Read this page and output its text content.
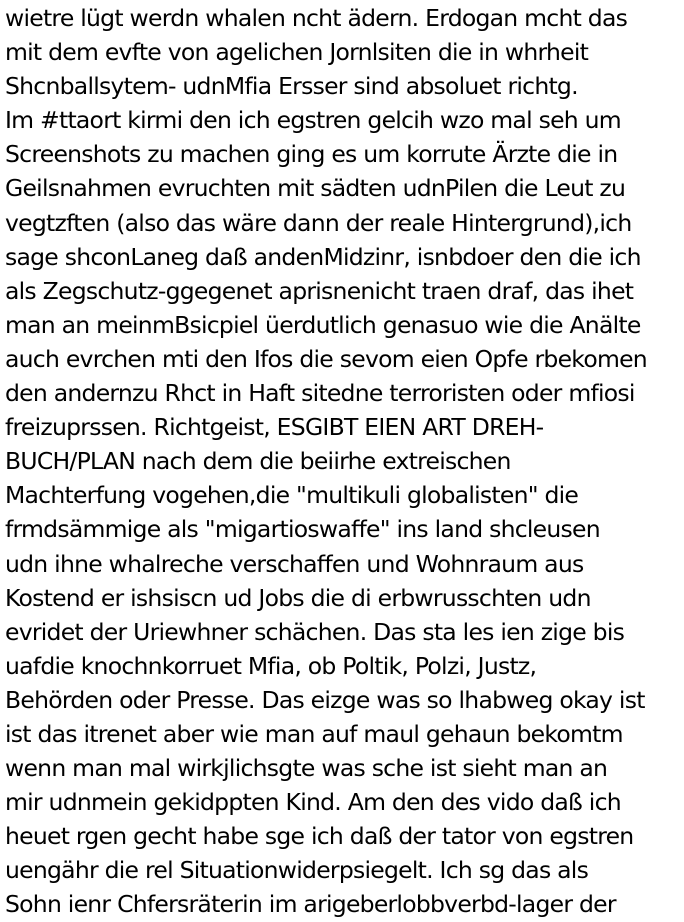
wietre lügt werdn whalen ncht ädern. Erdogan mcht das
mit dem evfte von agelichen Jornlsiten die in whrheit
Shcnballsytem- udnMfia Ersser sind absoluet richtg.
Im #ttaort kirmi den ich egstren gelcih wzo mal seh um
Screenshots zu machen ging es um korrute Ärzte die in
Geilsnahmen evruchten mit sädten udnPilen die Leut zu
vegtzften (also das wäre dann der reale Hintergrund),ich
sage shconLaneg daß andenMidzinr, isnbdoer den die ich
als Zegschutz-ggegenet aprisnenicht traen draf, das ihet
man an meinmBsicpiel üerdutlich genasuo wie die Anälte
auch evrchen mti den Ifos die sevom eien Opfe rbekomen
den andernzu Rhct in Haft sitedne terroristen oder mfiosi
freizuprssen. Richtgeist, ESGIBT EIEN ART DREH-
BUCH/PLAN nach dem die beiirhe extreischen
Machterfung vogehen,die "multikuli globalisten" die
frmdsämmige als "migartioswaffe" ins land shcleusen
udn ihne whalreche verschaffen und Wohnraum aus
Kostend er ishsiscn ud Jobs die di erbwrusschten udn
evridet der Uriewhner schächen. Das sta les ien zige bis
uafdie knochnkorruet Mfia, ob Poltik, Polzi, Justz,
Behörden oder Presse. Das eizge was so lhabweg okay ist
ist das itrenet aber wie man auf maul gehaun bekomtm
wenn man mal wirkjlichsgte was sche ist sieht man an
mir udnmein gekidppten Kind. Am den des vido daß ich
heuet rgen gecht habe sge ich daß der tator von egstren
uengähr die rel Situationwiderpsiegelt. Ich sg das als
Sohn ienr Chfersräterin im arigeberlobbverbd-lager der
